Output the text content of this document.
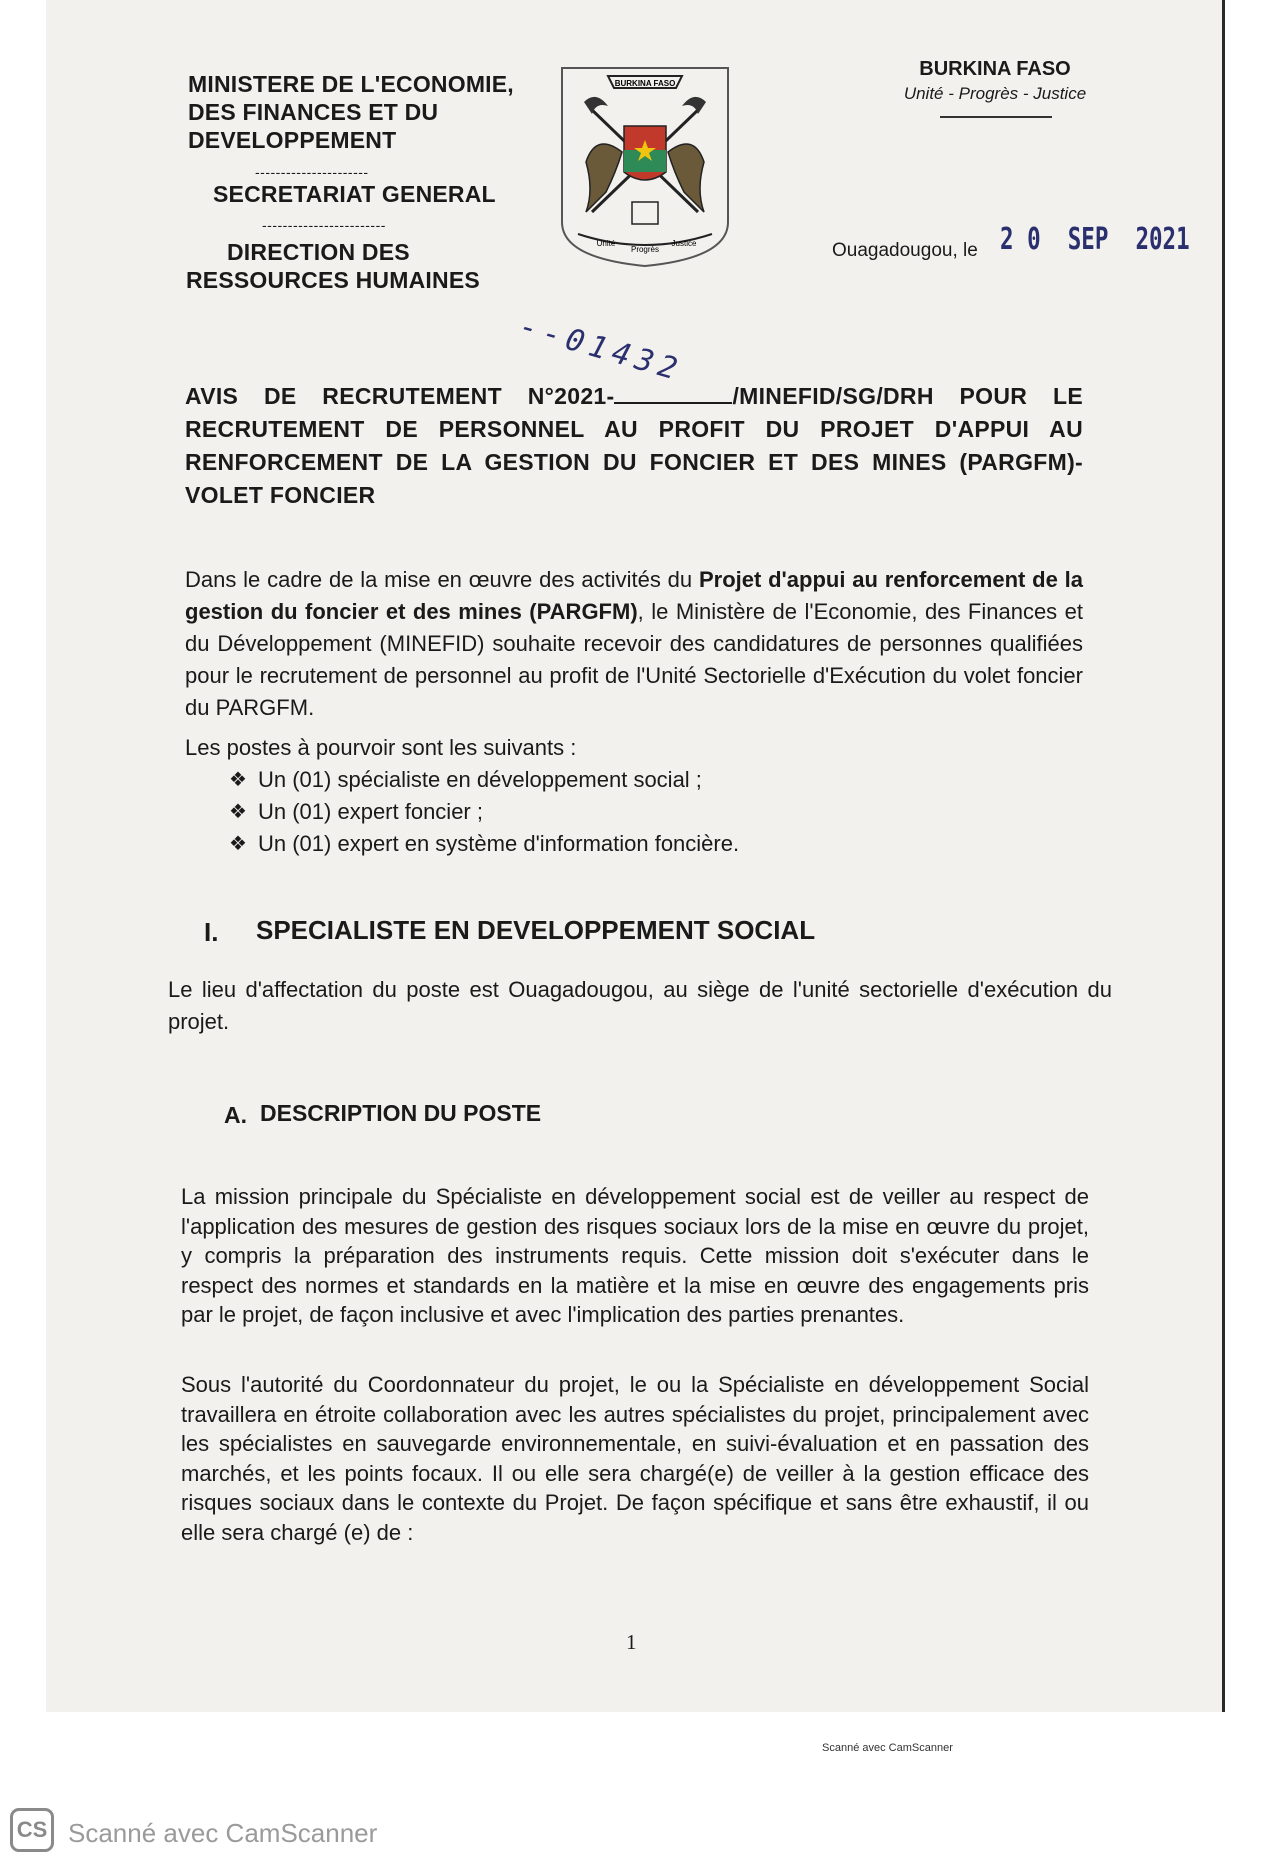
MINISTERE DE L'ECONOMIE,
DES FINANCES ET DU
DEVELOPPEMENT
----------------------
SECRETARIAT GENERAL
------------------------
DIRECTION DES
RESSOURCES HUMAINES
BURKINA FASO
Unité
Progrès
Justice
BURKINA FASO
Unité - Progrès - Justice
Ouagadougou, le 2 0  SEP  2021
--01432
AVIS DE RECRUTEMENT N°2021-	/MINEFID/SG/DRH POUR LE RECRUTEMENT DE PERSONNEL AU PROFIT DU PROJET D'APPUI AU RENFORCEMENT DE LA GESTION DU FONCIER ET DES MINES (PARGFM)-VOLET FONCIER
Dans le cadre de la mise en œuvre des activités du Projet d'appui au renforcement de la gestion du foncier et des mines (PARGFM), le Ministère de l'Economie, des Finances et du Développement (MINEFID) souhaite recevoir des candidatures de personnes qualifiées pour le recrutement de personnel au profit de l'Unité Sectorielle d'Exécution du volet foncier du PARGFM.
Les postes à pourvoir sont les suivants :
❖ Un (01) spécialiste en développement social ;
❖ Un (01) expert foncier ;
❖ Un (01) expert en système d'information foncière.
I. SPECIALISTE EN DEVELOPPEMENT SOCIAL
Le lieu d'affectation du poste est Ouagadougou, au siège de l'unité sectorielle d'exécution du projet.
A. DESCRIPTION DU POSTE
La mission principale du Spécialiste en développement social est de veiller au respect de l'application des mesures de gestion des risques sociaux lors de la mise en œuvre du projet, y compris la préparation des instruments requis. Cette mission doit s'exécuter dans le respect des normes et standards en la matière et la mise en œuvre des engagements pris par le projet, de façon inclusive et avec l'implication des parties prenantes.
Sous l'autorité du Coordonnateur du projet, le ou la Spécialiste en développement Social travaillera en étroite collaboration avec les autres spécialistes du projet, principalement avec les spécialistes en sauvegarde environnementale, en suivi-évaluation et en passation des marchés, et les points focaux. Il ou elle sera chargé(e) de veiller à la gestion efficace des risques sociaux dans le contexte du Projet. De façon spécifique et sans être exhaustif, il ou elle sera chargé (e) de :
1
Scanné avec CamScanner
CS Scanné avec CamScanner
